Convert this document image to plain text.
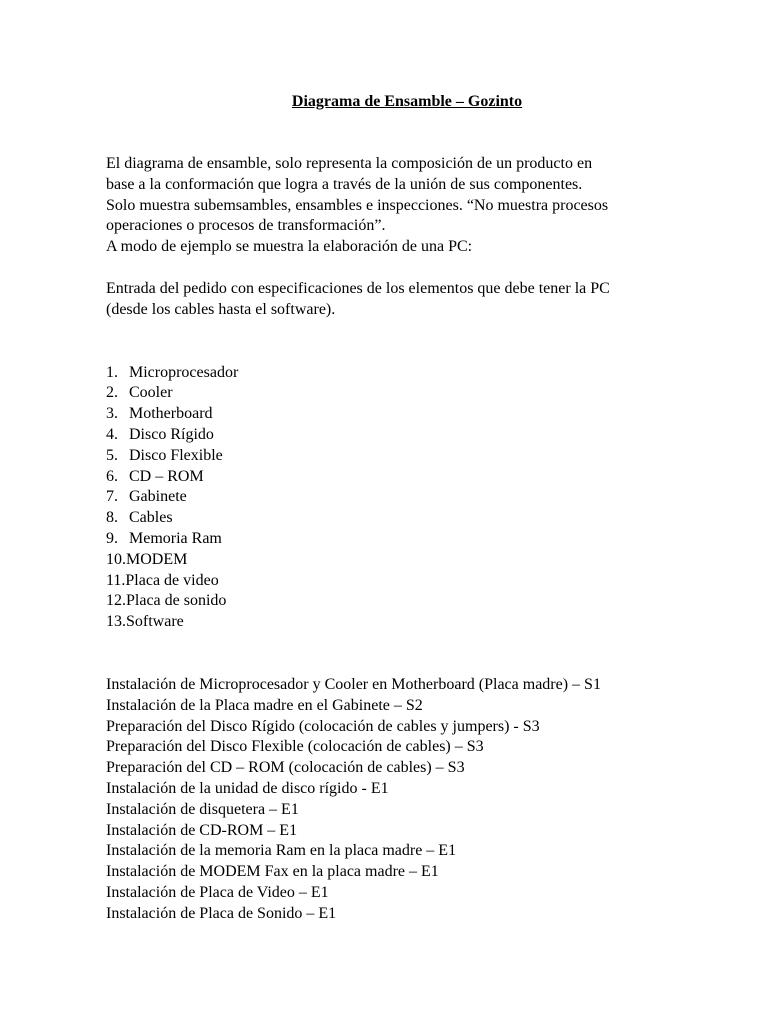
Diagrama de Ensamble – Gozinto

El diagrama de ensamble, solo representa la composición de un producto en

base a la conformación que logra a través de la unión de sus componentes.

Solo muestra subemsambles, ensambles e inspecciones. “No muestra procesos

operaciones o procesos de transformación”.

A modo de ejemplo se muestra la elaboración de una PC:

Entrada del pedido con especificaciones de los elementos que debe tener la PC

(desde los cables hasta el software).

1. Microprocesador
2. Cooler
3. Motherboard
4. Disco Rígido
5. Disco Flexible
6. CD – ROM
7. Gabinete
8. Cables
9. Memoria Ram
10.MODEM
11.Placa de video
12.Placa de sonido
13.Software
Instalación de Microprocesador y Cooler en Motherboard (Placa madre) – S1
Instalación de la Placa madre en el Gabinete – S2
Preparación del Disco Rígido (colocación de cables y jumpers) - S3
Preparación del Disco Flexible (colocación de cables) – S3
Preparación del CD – ROM (colocación de cables) – S3
Instalación de la unidad de disco rígido - E1
Instalación de disquetera – E1
Instalación de CD-ROM – E1
Instalación de la memoria Ram en la placa madre – E1
Instalación de MODEM Fax en la placa madre – E1
Instalación de Placa de Video – E1
Instalación de Placa de Sonido – E1
